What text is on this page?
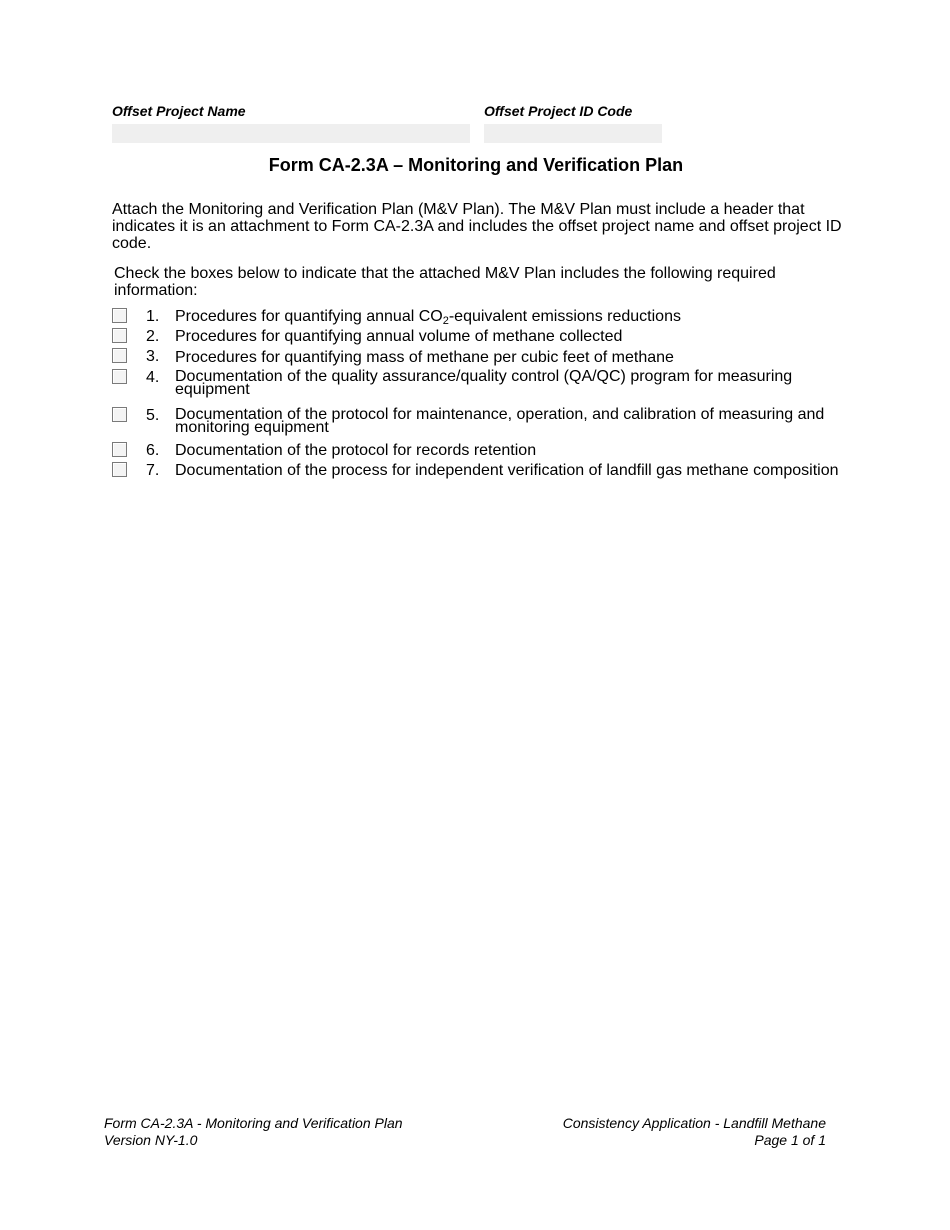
Offset Project Name	Offset Project ID Code
Form CA-2.3A – Monitoring and Verification Plan
Attach the Monitoring and Verification Plan (M&V Plan). The M&V Plan must include a header that indicates it is an attachment to Form CA-2.3A and includes the offset project name and offset project ID code.
Check the boxes below to indicate that the attached M&V Plan includes the following required information:
1. Procedures for quantifying annual $CO_2$-equivalent emissions reductions
2. Procedures for quantifying annual volume of methane collected
3. Procedures for quantifying mass of methane per cubic feet of methane
4. Documentation of the quality assurance/quality control (QA/QC) program for measuring equipment
5. Documentation of the protocol for maintenance, operation, and calibration of measuring and monitoring equipment
6. Documentation of the protocol for records retention
7. Documentation of the process for independent verification of landfill gas methane composition
Form CA-2.3A - Monitoring and Verification Plan
Version NY-1.0
Consistency Application - Landfill Methane
Page 1 of 1
